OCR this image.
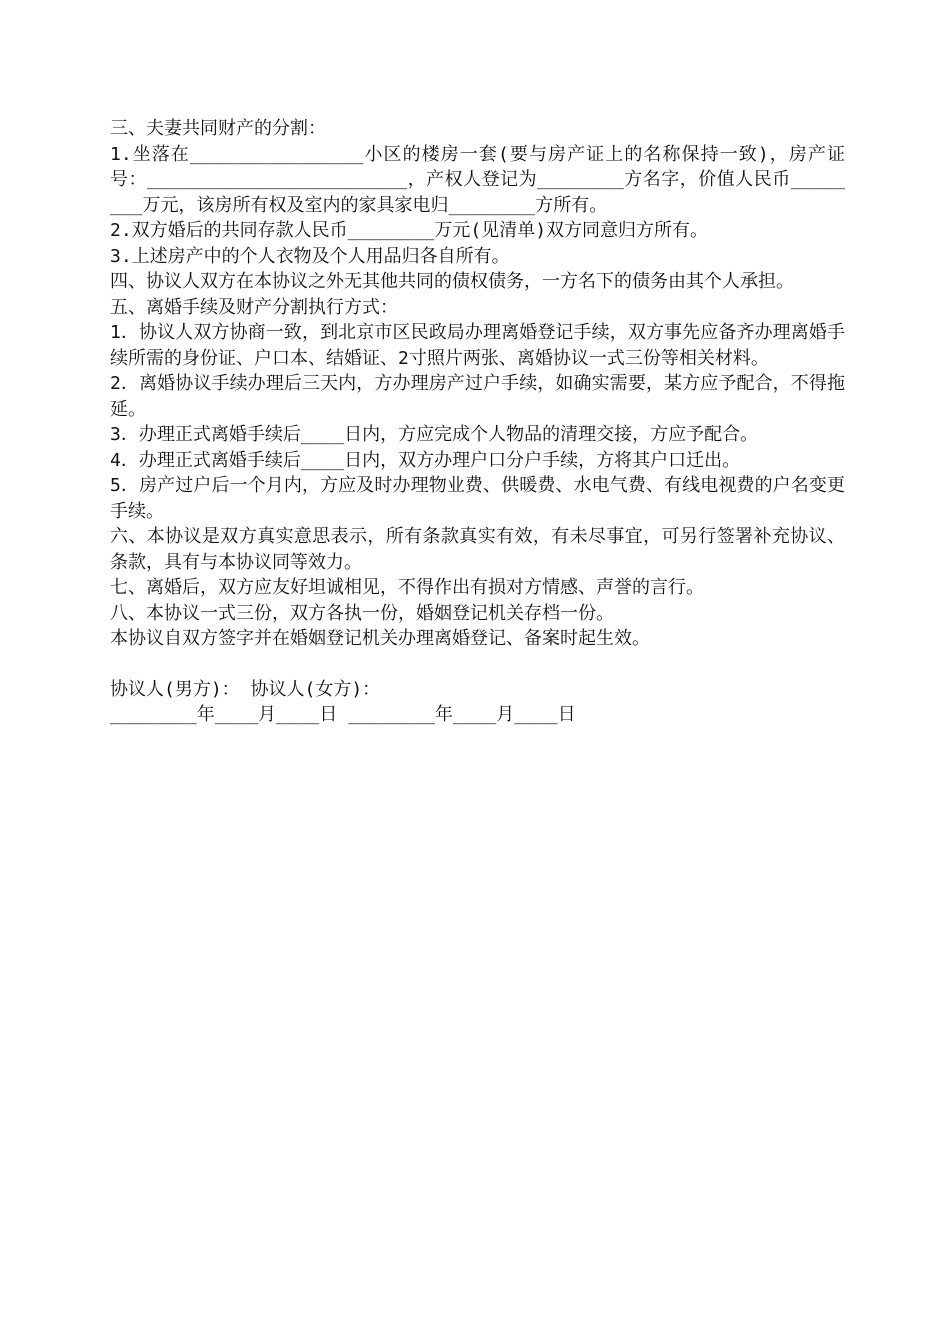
三、夫妻共同财产的分割：

1.坐落在________________小区的楼房一套(要与房产证上的名称保持一致)，房产证号：________________________，产权人登记为________方名字，价值人民币________万元，该房所有权及室内的家具家电归________方所有。

2.双方婚后的共同存款人民币________万元(见清单)双方同意归方所有。

3.上述房产中的个人衣物及个人用品归各自所有。

四、协议人双方在本协议之外无其他共同的债权债务，一方名下的债务由其个人承担。

五、离婚手续及财产分割执行方式：

1．协议人双方协商一致，到北京市区民政局办理离婚登记手续，双方事先应备齐办理离婚手续所需的身份证、户口本、结婚证、2寸照片两张、离婚协议一式三份等相关材料。

2．离婚协议手续办理后三天内，方办理房产过户手续，如确实需要，某方应予配合，不得拖延。

3．办理正式离婚手续后____日内，方应完成个人物品的清理交接，方应予配合。

4．办理正式离婚手续后____日内，双方办理户口分户手续，方将其户口迁出。

5．房产过户后一个月内，方应及时办理物业费、供暖费、水电气费、有线电视费的户名变更手续。

六、本协议是双方真实意思表示，所有条款真实有效，有未尽事宜，可另行签署补充协议、条款，具有与本协议同等效力。

七、离婚后，双方应友好坦诚相见，不得作出有损对方情感、声誉的言行。

八、本协议一式三份，双方各执一份，婚姻登记机关存档一份。

本协议自双方签字并在婚姻登记机关办理离婚登记、备案时起生效。

协议人(男方)： 协议人(女方)：

________年____月____日 ________年____月____日
